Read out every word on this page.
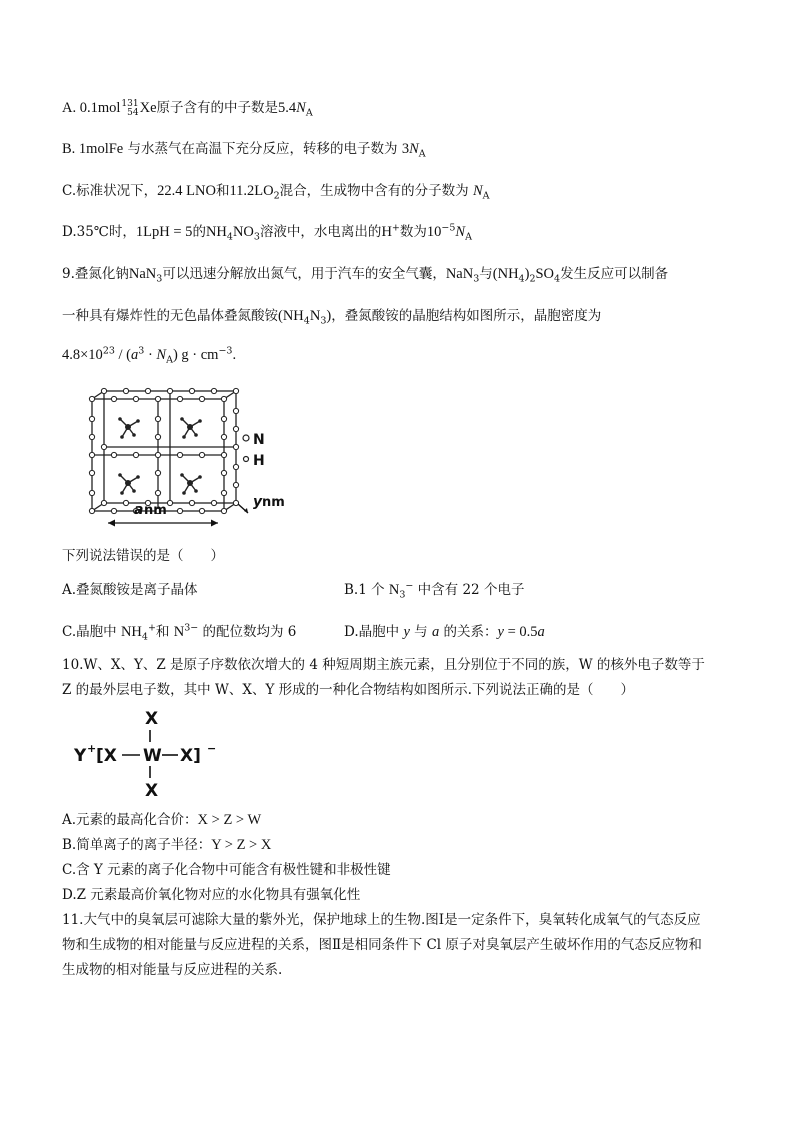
A. 0.1mol131
54Xe原子含有的中子数是$5.4N_A$
B. 1molFe 与水蒸气在高温下充分反应，转移的电子数为 $3N_A$
C.标准状况下，22.4 LNO和$11.2LO_2$混合，生成物中含有的分子数为 $N_A$
D.35℃时，1LpH = 5的$NH_4NO_3$溶液中，水电离出的H+数为$10^{-5}N_A$
9.叠氮化钠NaN$_3$可以迅速分解放出氮气，用于汽车的安全气囊，NaN$_3$与$(NH_4)_2SO_4$发生反应可以制备
一种具有爆炸性的无色晶体叠氮酸铵$(NH_4N_3)$，叠氮酸铵的晶胞结构如图所示，晶胞密度为
$4.8\times 10^{23} / (a^3 \cdot N_A) g \cdot cm^{-3}$.
N
H
y nm
a nm
下列说法错误的是（　　）
A.叠氮酸铵是离子晶体	B.1 个 $N_3^-$ 中含有 22 个电子
C.晶胞中 $NH_4^+$和 $N^{3-}$ 的配位数均为 6	D.晶胞中 y 与 a 的关系：y = 0.5a
10.W、X、Y、Z 是原子序数依次增大的 4 种短周期主族元素，且分别位于不同的族，W 的核外电子数等于
Z 的最外层电子数，其中 W、X、Y 形成的一种化合物结构如图所示.下列说法正确的是（　　）
X
X
Y + [X W X] −
A.元素的最高化合价：X > Z > W
B.简单离子的离子半径：Y > Z > X
C.含 Y 元素的离子化合物中可能含有极性键和非极性键
D.Z 元素最高价氧化物对应的水化物具有强氧化性
11.大气中的臭氧层可滤除大量的紫外光，保护地球上的生物.图Ⅰ是一定条件下，臭氧转化成氧气的气态反应
物和生成物的相对能量与反应进程的关系，图Ⅱ是相同条件下 Cl 原子对臭氧层产生破坏作用的气态反应物和
生成物的相对能量与反应进程的关系.
